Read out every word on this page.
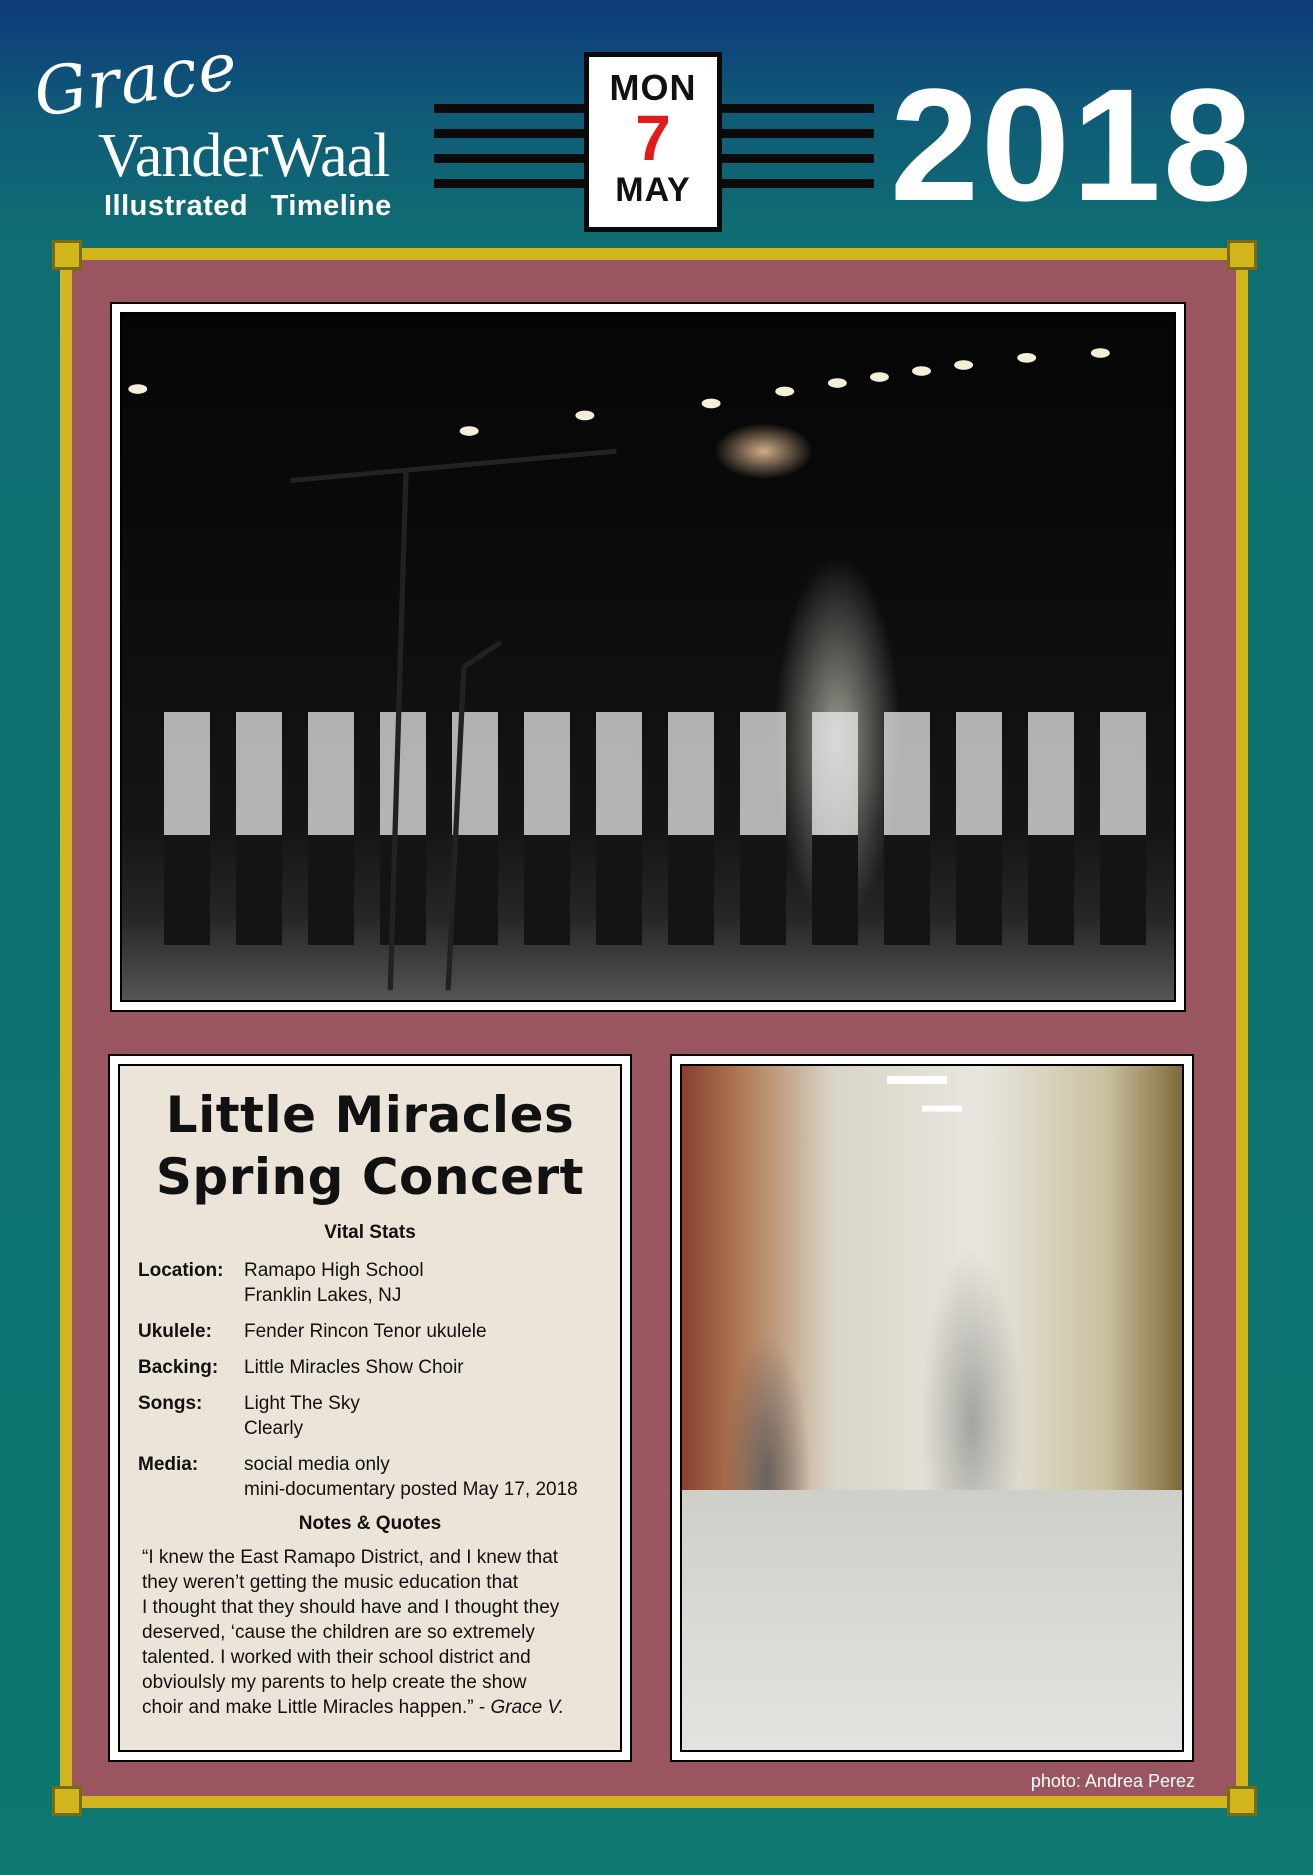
Grace
VanderWaal
Illustrated Timeline
MON
7
MAY 2018
Little Miracles
Spring Concert
Vital Stats
Location:	Ramapo High School
Franklin Lakes, NJ
Ukulele:	Fender Rincon Tenor ukulele
Backing:	Little Miracles Show Choir
Songs:	Light The Sky
Clearly
Media:	social media only
mini-documentary posted May 17, 2018
Notes & Quotes
“I knew the East Ramapo District, and I knew that
they weren’t getting the music education that
I thought that they should have and I thought they
deserved, ‘cause the children are so extremely
talented. I worked with their school district and
obvioulsly my parents to help create the show
choir and make Little Miracles happen.” - Grace V.
photo: Andrea Perez
